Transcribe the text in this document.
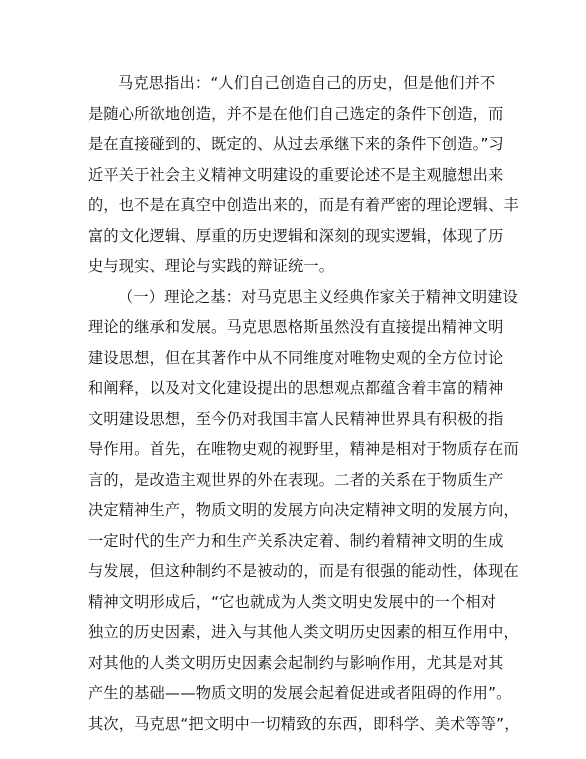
马克思指出：“人们自己创造自己的历史，但是他们并不
是随心所欲地创造，并不是在他们自己选定的条件下创造，而
是在直接碰到的、既定的、从过去承继下来的条件下创造。”习
近平关于社会主义精神文明建设的重要论述不是主观臆想出来
的，也不是在真空中创造出来的，而是有着严密的理论逻辑、丰
富的文化逻辑、厚重的历史逻辑和深刻的现实逻辑，体现了历
史与现实、理论与实践的辩证统一。
（一）理论之基：对马克思主义经典作家关于精神文明建设
理论的继承和发展。马克思恩格斯虽然没有直接提出精神文明
建设思想，但在其著作中从不同维度对唯物史观的全方位讨论
和阐释，以及对文化建设提出的思想观点都蕴含着丰富的精神
文明建设思想，至今仍对我国丰富人民精神世界具有积极的指
导作用。首先，在唯物史观的视野里，精神是相对于物质存在而
言的，是改造主观世界的外在表现。二者的关系在于物质生产
决定精神生产，物质文明的发展方向决定精神文明的发展方向，
一定时代的生产力和生产关系决定着、制约着精神文明的生成
与发展，但这种制约不是被动的，而是有很强的能动性，体现在
精神文明形成后，“它也就成为人类文明史发展中的一个相对
独立的历史因素，进入与其他人类文明历史因素的相互作用中，
对其他的人类文明历史因素会起制约与影响作用，尤其是对其
产生的基础——物质文明的发展会起着促进或者阻碍的作用”。
其次，马克思“把文明中一切精致的东西，即科学、美术等等”，
